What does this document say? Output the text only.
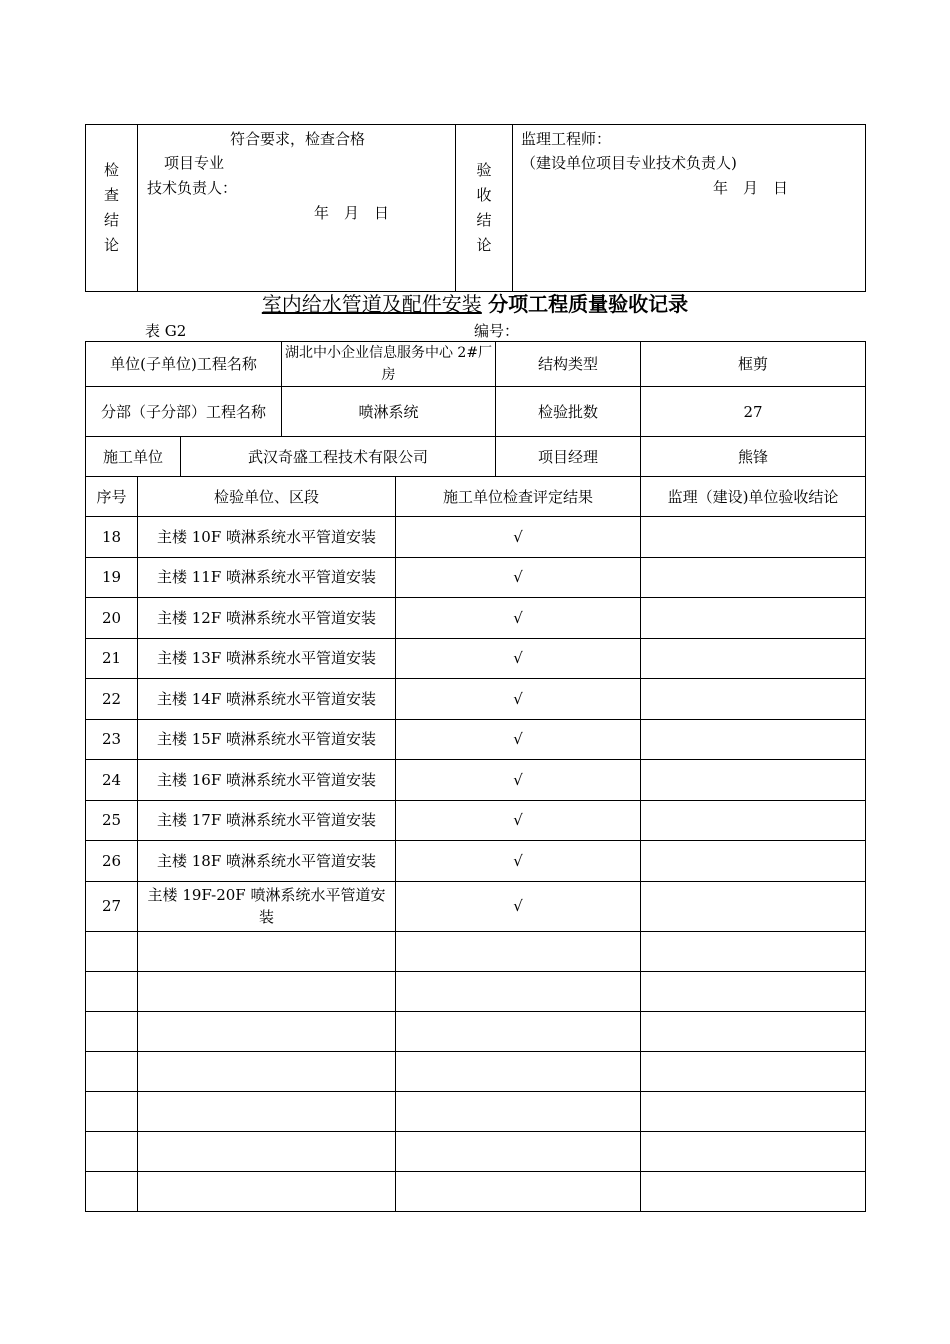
检
查
结
论

符合要求，检查合格
项目专业
技术负责人：
年　月　日

验
收
结
论

监理工程师：
（建设单位项目专业技术负责人)
年　月　日
室内给水管道及配件安装 分项工程质量验收记录
表 G2	编号：
单位(子单位)工程名称			湖北中小企业信息服务中心 2#厂房		结构类型	框剪
分部（子分部）工程名称			喷淋系统		检验批数	27
施工单位		武汉奇盛工程技术有限公司			项目经理	熊锋
序号	检验单位、区段			施工单位检查评定结果		监理（建设)单位验收结论
18	主楼 10F 喷淋系统水平管道安装			√		
19	主楼 11F 喷淋系统水平管道安装			√		
20	主楼 12F 喷淋系统水平管道安装			√		
21	主楼 13F 喷淋系统水平管道安装			√		
22	主楼 14F 喷淋系统水平管道安装			√		
23	主楼 15F 喷淋系统水平管道安装			√		
24	主楼 16F 喷淋系统水平管道安装			√		
25	主楼 17F 喷淋系统水平管道安装			√		
26	主楼 18F 喷淋系统水平管道安装			√		
27	主楼 19F-20F 喷淋系统水平管道安装			√		
